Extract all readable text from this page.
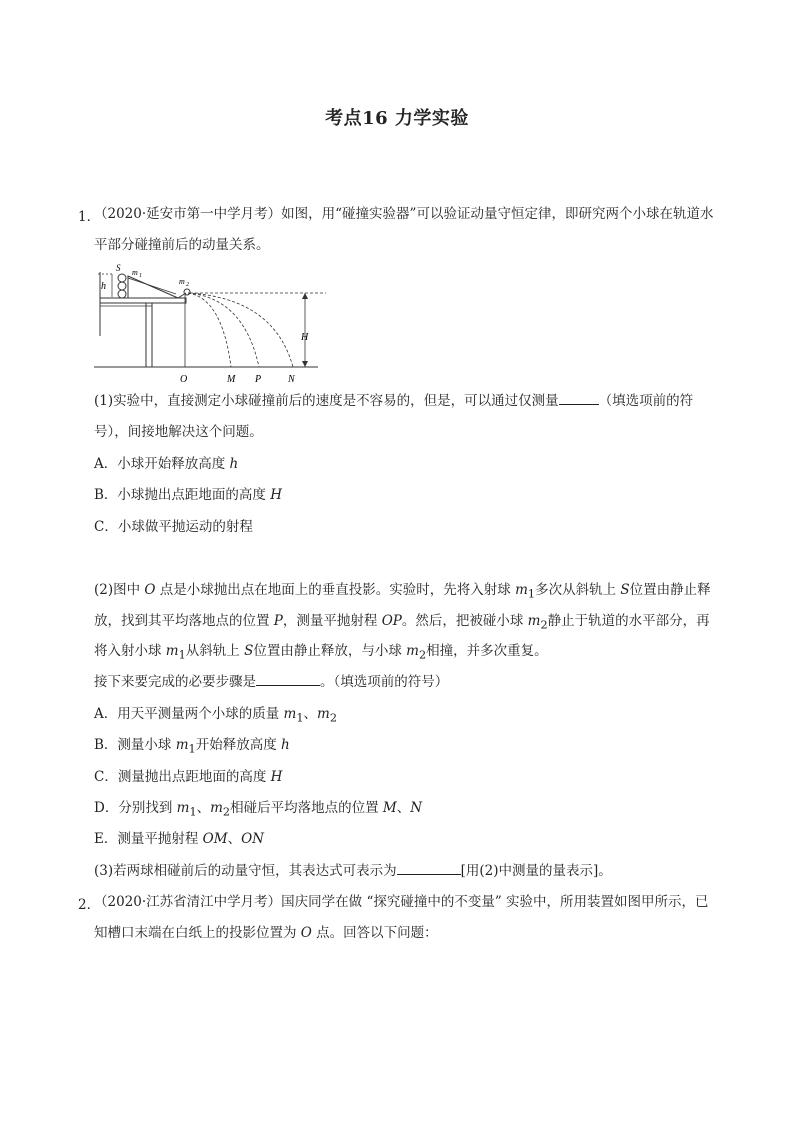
考点16 力学实验
1．
（2020·延安市第一中学月考）如图，用“碰撞实验器”可以验证动量守恒定律，即研究两个小球在轨道水
平部分碰撞前后的动量关系。
h
S m 1
m 2
H
O	M P	N
(1)实验中，直接测定小球碰撞前后的速度是不容易的，但是，可以通过仅测量	（填选项前的符
号），间接地解决这个问题。
A．小球开始释放高度 h
B．小球抛出点距地面的高度 H
C．小球做平抛运动的射程
(2)图中 O 点是小球抛出点在地面上的垂直投影。实验时，先将入射球 $m_1$多次从斜轨上 S位置由静止释
放，找到其平均落地点的位置 P，测量平抛射程 OP。然后，把被碰小球 $m_2$静止于轨道的水平部分，再
将入射小球 $m_1$从斜轨上 S位置由静止释放，与小球 $m_2$相撞，并多次重复。
接下来要完成的必要步骤是	。（填选项前的符号）
A．用天平测量两个小球的质量 $m_1$、$m_2$
B．测量小球 $m_1$开始释放高度 h
C．测量抛出点距地面的高度 H
D．分别找到 $m_1$、$m_2$相碰后平均落地点的位置 M、N
E．测量平抛射程 OM、ON
(3)若两球相碰前后的动量守恒，其表达式可表示为	[用(2)中测量的量表示]。
2．
（2020·江苏省清江中学月考）国庆同学在做 “探究碰撞中的不变量” 实验中，所用装置如图甲所示，已
知槽口末端在白纸上的投影位置为 O 点。回答以下问题：
